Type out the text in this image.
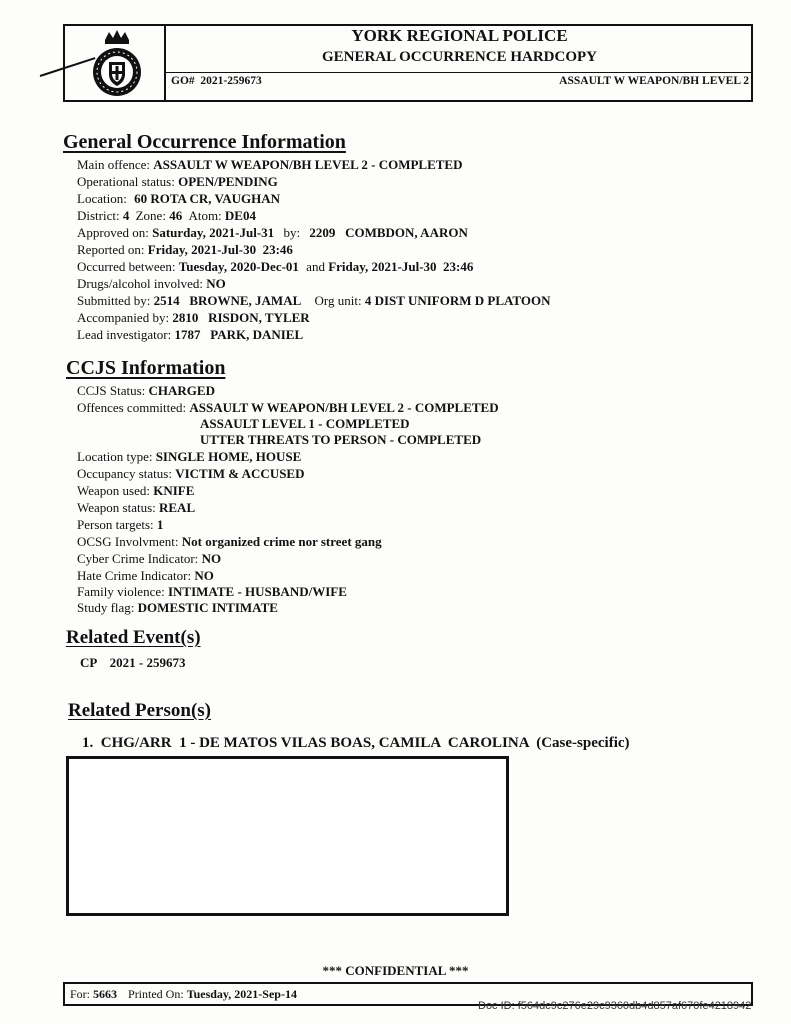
YORK REGIONAL POLICE
GENERAL OCCURRENCE HARDCOPY
GO# 2021-259673	ASSAULT W WEAPON/BH LEVEL 2
General Occurrence Information
Main offence: ASSAULT W WEAPON/BH LEVEL 2 - COMPLETED
Operational status: OPEN/PENDING
Location: 60 ROTA CR, VAUGHAN
District: 4 Zone: 46 Atom: DE04
Approved on: Saturday, 2021-Jul-31 by: 2209   COMBDON, AARON
Reported on: Friday, 2021-Jul-30  23:46
Occurred between: Tuesday, 2020-Dec-01 and Friday, 2021-Jul-30  23:46
Drugs/alcohol involved: NO
Submitted by: 2514   BROWNE, JAMAL Org unit: 4 DIST UNIFORM D PLATOON
Accompanied by: 2810   RISDON, TYLER
Lead investigator: 1787   PARK, DANIEL
CCJS Information
CCJS Status: CHARGED
Offences committed: ASSAULT W WEAPON/BH LEVEL 2 - COMPLETED
ASSAULT LEVEL 1 - COMPLETED
UTTER THREATS TO PERSON - COMPLETED
Location type: SINGLE HOME, HOUSE
Occupancy status: VICTIM & ACCUSED
Weapon used: KNIFE
Weapon status: REAL
Person targets: 1
OCSG Involvment: Not organized crime nor street gang
Cyber Crime Indicator: NO
Hate Crime Indicator: NO
Family violence: INTIMATE - HUSBAND/WIFE
Study flag: DOMESTIC INTIMATE
Related Event(s)
CP    2021 - 259673
Related Person(s)
1.  CHG/ARR  1 - DE MATOS VILAS BOAS, CAMILA  CAROLINA  (Case-specific)
*** CONFIDENTIAL ***
For: 5663 Printed On: Tuesday, 2021-Sep-14
Doc ID: f564dc9c276e29c9360db4d857af670fe4218942
